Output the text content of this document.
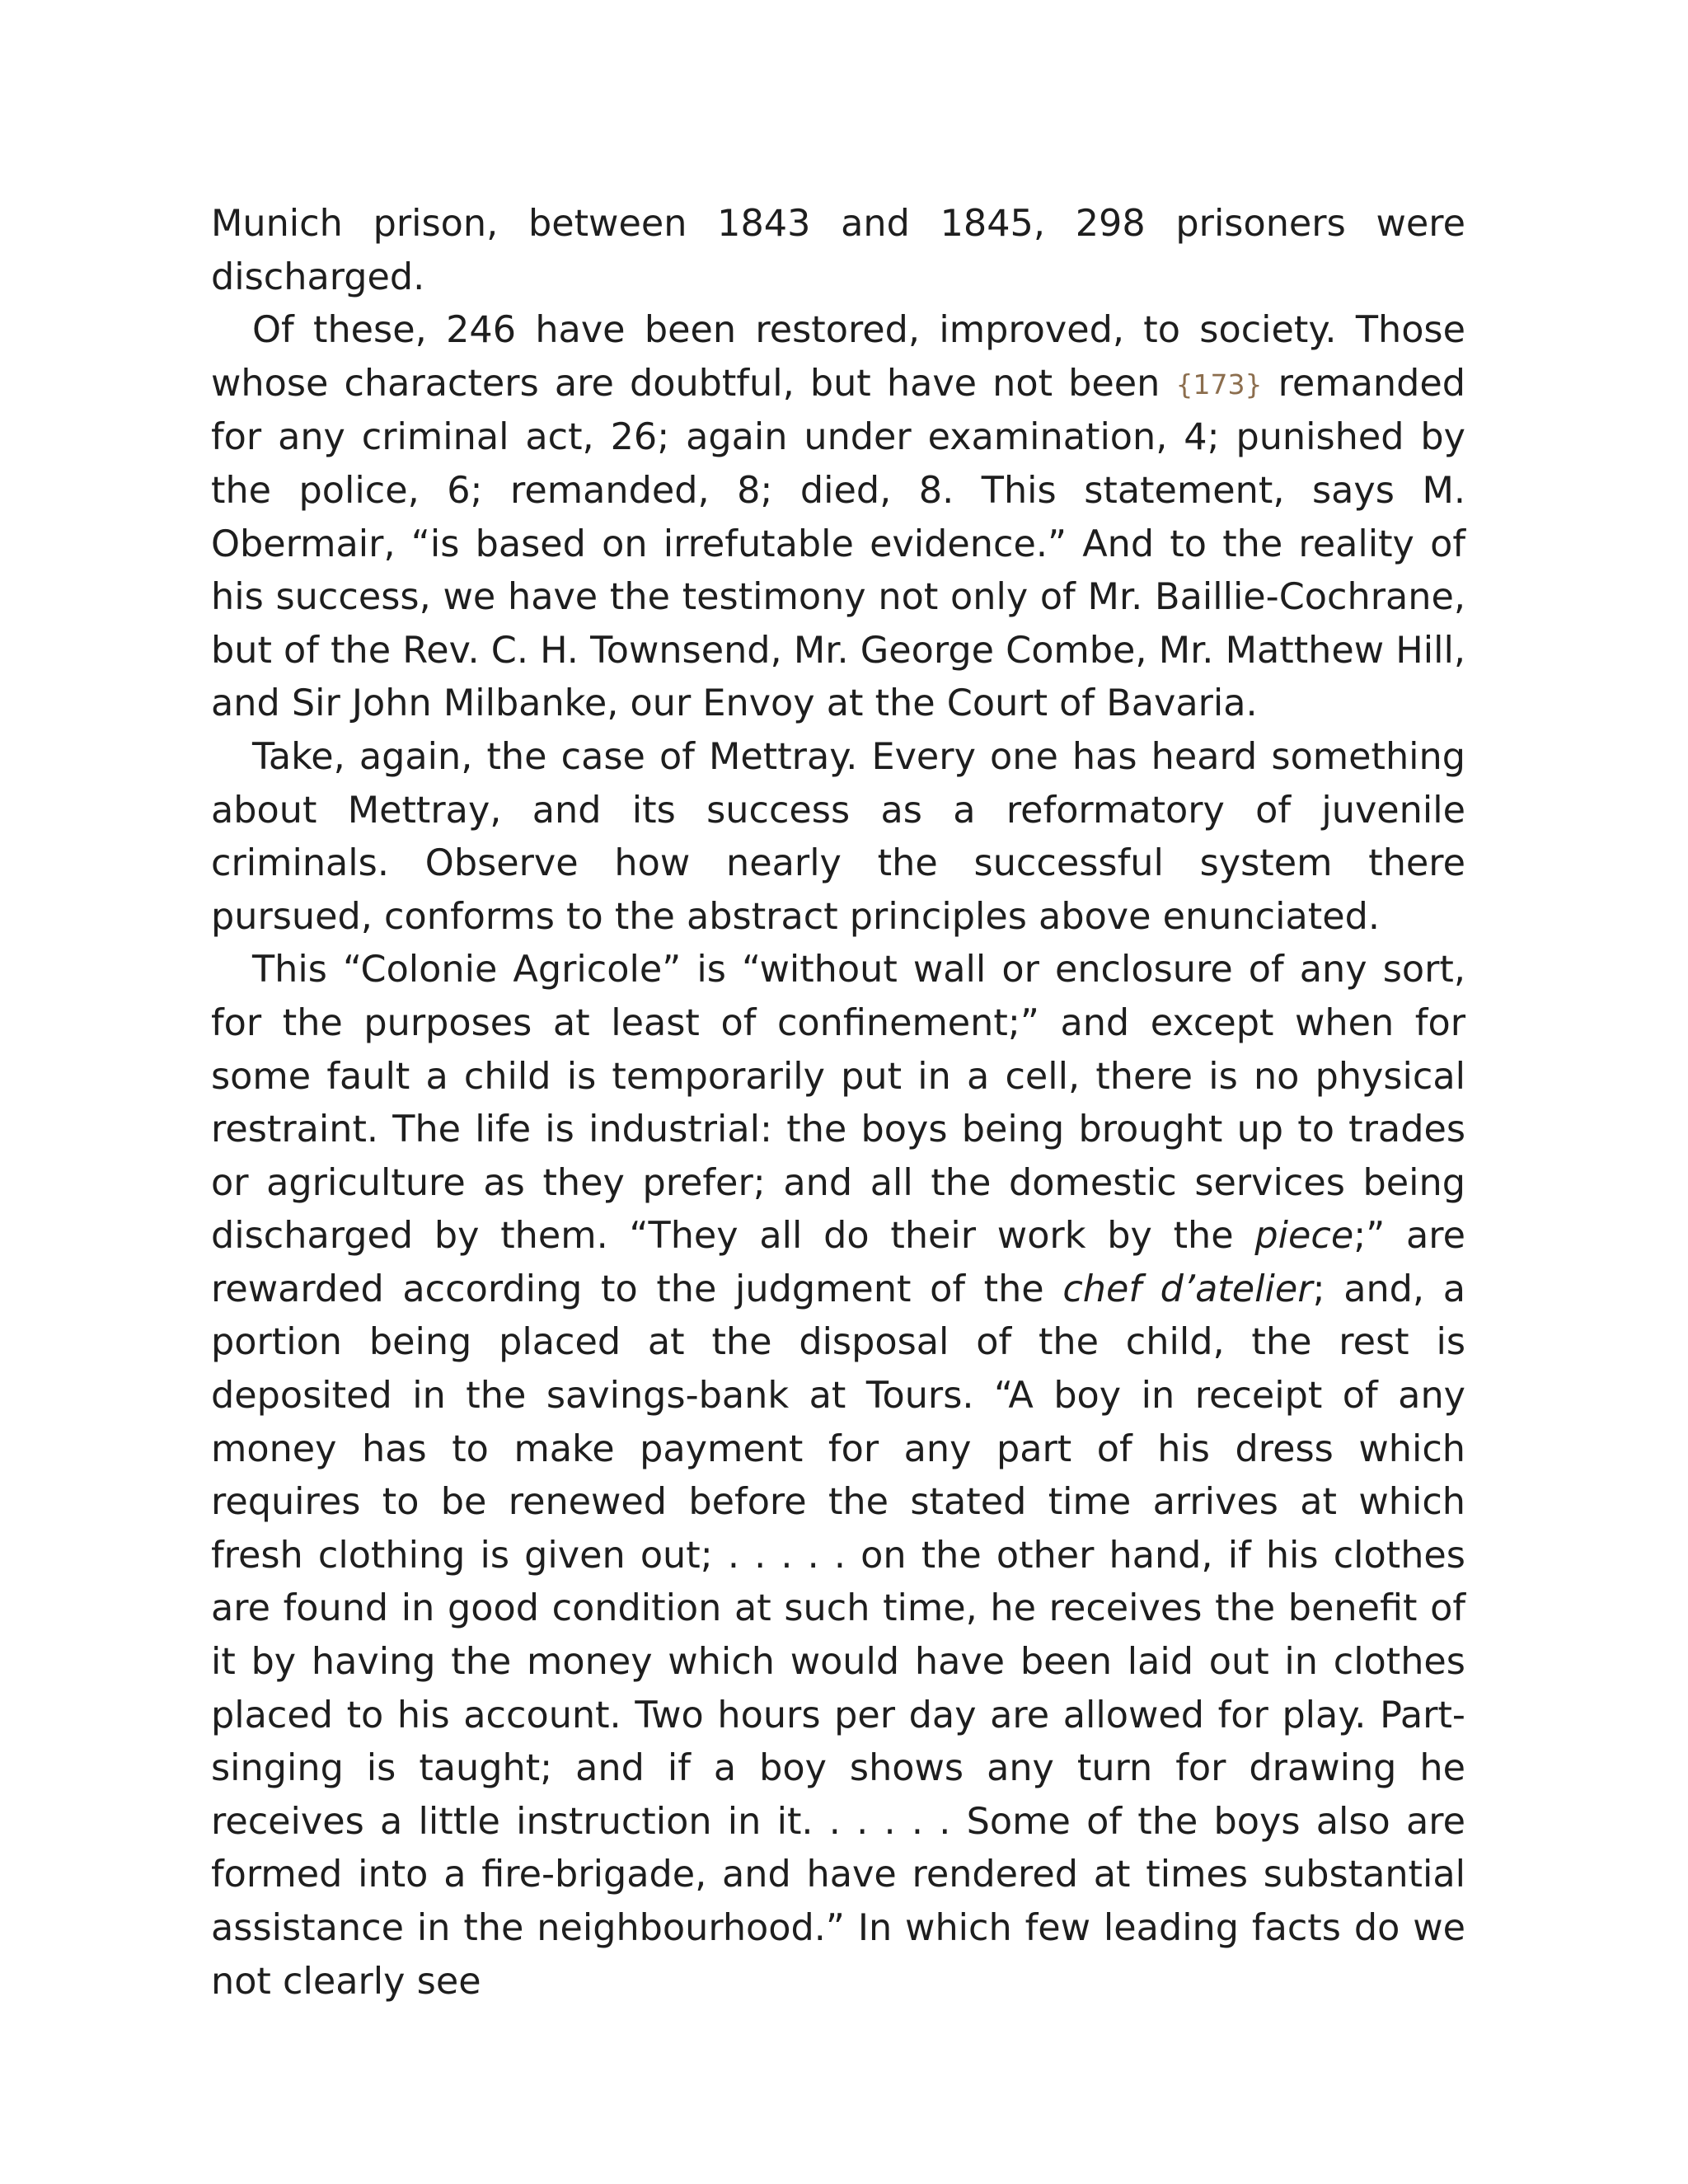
Munich prison, between 1843 and 1845, 298 prisoners were discharged.

Of these, 246 have been restored, improved, to society. Those whose characters are doubtful, but have not been {173} remanded for any criminal act, 26; again under examination, 4; punished by the police, 6; remanded, 8; died, 8. This statement, says M. Obermair, “is based on irrefutable evidence.” And to the reality of his success, we have the testimony not only of Mr. Baillie-Cochrane, but of the Rev. C. H. Townsend, Mr. George Combe, Mr. Matthew Hill, and Sir John Milbanke, our Envoy at the Court of Bavaria.

Take, again, the case of Mettray. Every one has heard something about Mettray, and its success as a reformatory of juvenile criminals. Observe how nearly the successful system there pursued, conforms to the abstract principles above enunciated.

This “Colonie Agricole” is “without wall or enclosure of any sort, for the purposes at least of confinement;” and except when for some fault a child is temporarily put in a cell, there is no physical restraint. The life is industrial: the boys being brought up to trades or agriculture as they prefer; and all the domestic services being discharged by them. “They all do their work by the piece;” are rewarded according to the judgment of the chef d’atelier; and, a portion being placed at the disposal of the child, the rest is deposited in the savings-bank at Tours. “A boy in receipt of any money has to make payment for any part of his dress which requires to be renewed before the stated time arrives at which fresh clothing is given out; . . . . . on the other hand, if his clothes are found in good condition at such time, he receives the benefit of it by having the money which would have been laid out in clothes placed to his account. Two hours per day are allowed for play. Part-singing is taught; and if a boy shows any turn for drawing he receives a little instruction in it. . . . . . Some of the boys also are formed into a fire-brigade, and have rendered at times substantial assistance in the neighbourhood.” In which few leading facts do we not clearly see
